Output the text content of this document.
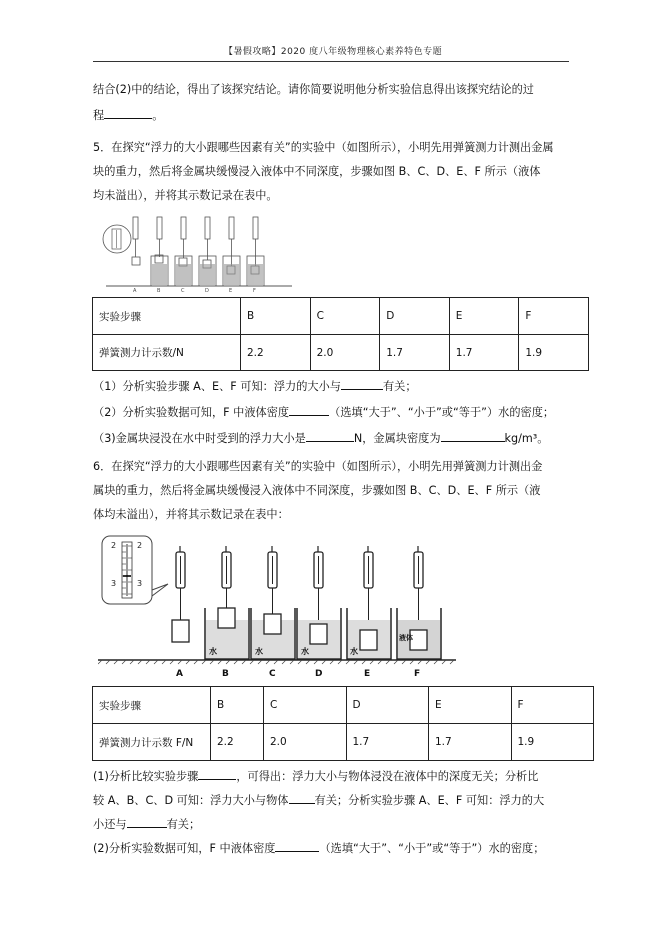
【暑假攻略】2020 度八年级物理核心素养特色专题
结合(2)中的结论，得出了该探究结论。请你简要说明他分析实验信息得出该探究结论的过
程	。
5．在探究“浮力的大小跟哪些因素有关”的实验中（如图所示），小明先用弹簧测力计测出金属
块的重力，然后将金属块缓慢浸入液体中不同深度，步骤如图 B、C、D、E、F 所示（液体
均未溢出），并将其示数记录在表中。
A	B	C	D	E	F
实验步骤	B	C	D	E	F
弹簧测力计示数/N	2.2	2.0	1.7	1.7	1.9
（1）分析实验步骤 A、E、F 可知：浮力的大小与	有关；
（2）分析实验数据可知，F 中液体密度	（选填“大于”、“小于”或“等于”）水的密度；
（3)金属块浸没在水中时受到的浮力大小是	N，金属块密度为	kg/m³。
6．在探究“浮力的大小跟哪些因素有关”的实验中（如图所示），小明先用弹簧测力计测出金
属块的重力，然后将金属块缓慢浸入液体中不同深度，步骤如图 B、C、D、E、F 所示（液
体均未溢出），并将其示数记录在表中：
2
3
2
3
水	水	水	水
液体
A	B	C	D	E	F
实验步骤	B	C	D	E	F
弹簧测力计示数 F/N	2.2	2.0	1.7	1.7	1.9
(1)分析比较实验步骤	，可得出：浮力大小与物体浸没在液体中的深度无关；分析比
较 A、B、C、D 可知：浮力大小与物体 有关；分析实验步骤 A、E、F 可知：浮力的大
小还与	有关；
(2)分析实验数据可知，F 中液体密度	（选填“大于”、“小于”或“等于”）水的密度；
